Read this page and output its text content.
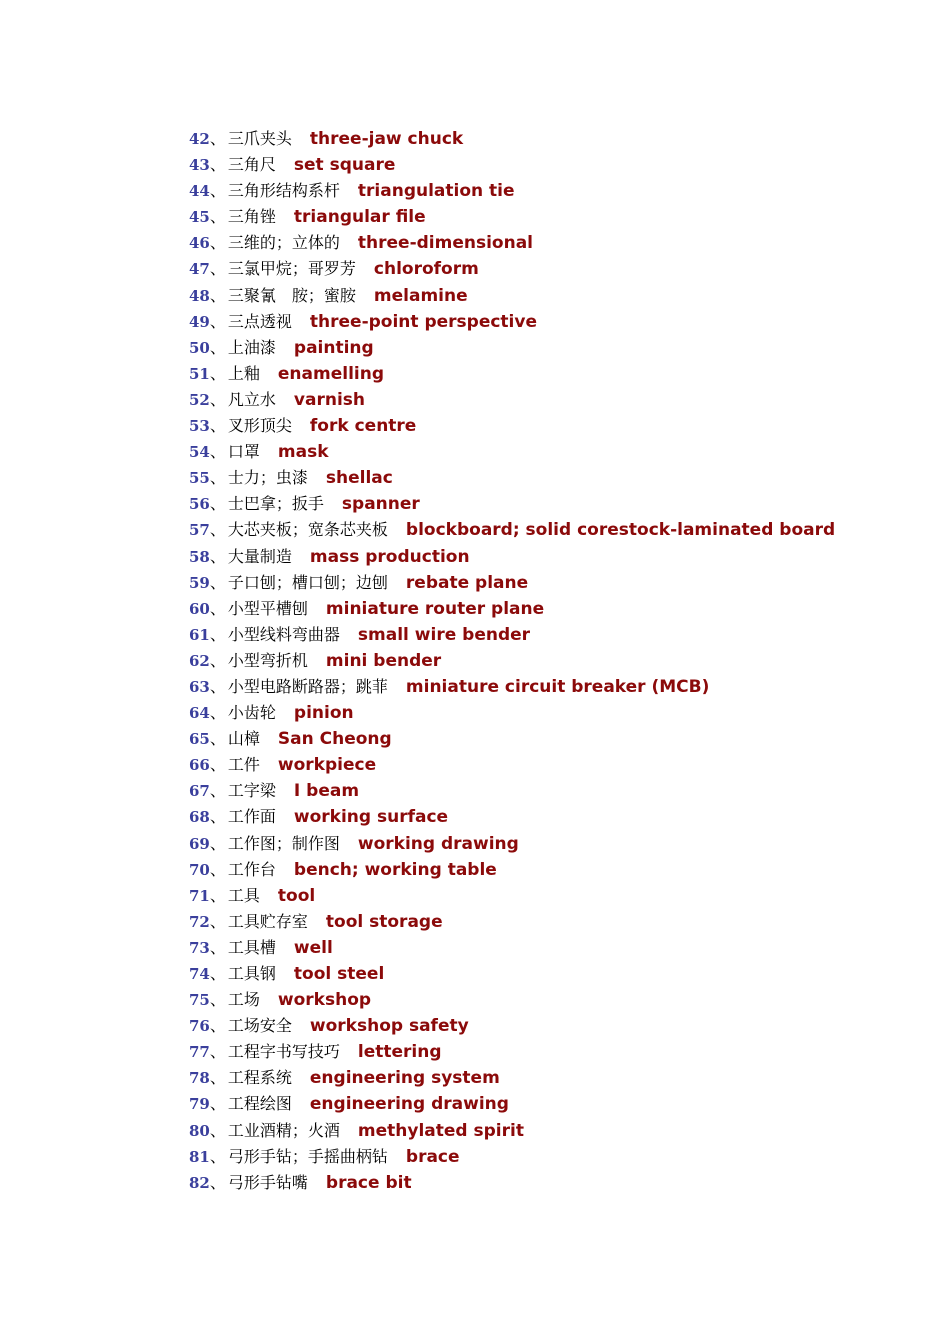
42、 三爪夹头 three-jaw chuck
43、 三角尺 set square
44、 三角形结构系杆 triangulation tie
45、 三角锉 triangular file
46、 三维的；立体的 three-dimensional
47、 三氯甲烷；哥罗芳 chloroform
48、 三聚氰　胺；蜜胺 melamine
49、 三点透视 three-point perspective
50、 上油漆 painting
51、 上釉 enamelling
52、 凡立水 varnish
53、 叉形顶尖 fork centre
54、 口罩 mask
55、 士力；虫漆 shellac
56、 士巴拿；扳手 spanner
57、 大芯夹板；宽条芯夹板 blockboard; solid corestock-laminated board
58、 大量制造 mass production
59、 子口刨；槽口刨；边刨 rebate plane
60、 小型平槽刨 miniature router plane
61、 小型线料弯曲器 small wire bender
62、 小型弯折机 mini bender
63、 小型电路断路器；跳菲 miniature circuit breaker (MCB)
64、 小齿轮 pinion
65、 山樟 San Cheong
66、 工件 workpiece
67、 工字梁 I beam
68、 工作面 working surface
69、 工作图；制作图 working drawing
70、 工作台 bench; working table
71、 工具 tool
72、 工具贮存室 tool storage
73、 工具槽 well
74、 工具钢 tool steel
75、 工场 workshop
76、 工场安全 workshop safety
77、 工程字书写技巧 lettering
78、 工程系统 engineering system
79、 工程绘图 engineering drawing
80、 工业酒精；火酒 methylated spirit
81、 弓形手钻；手摇曲柄钻 brace
82、 弓形手钻嘴 brace bit
